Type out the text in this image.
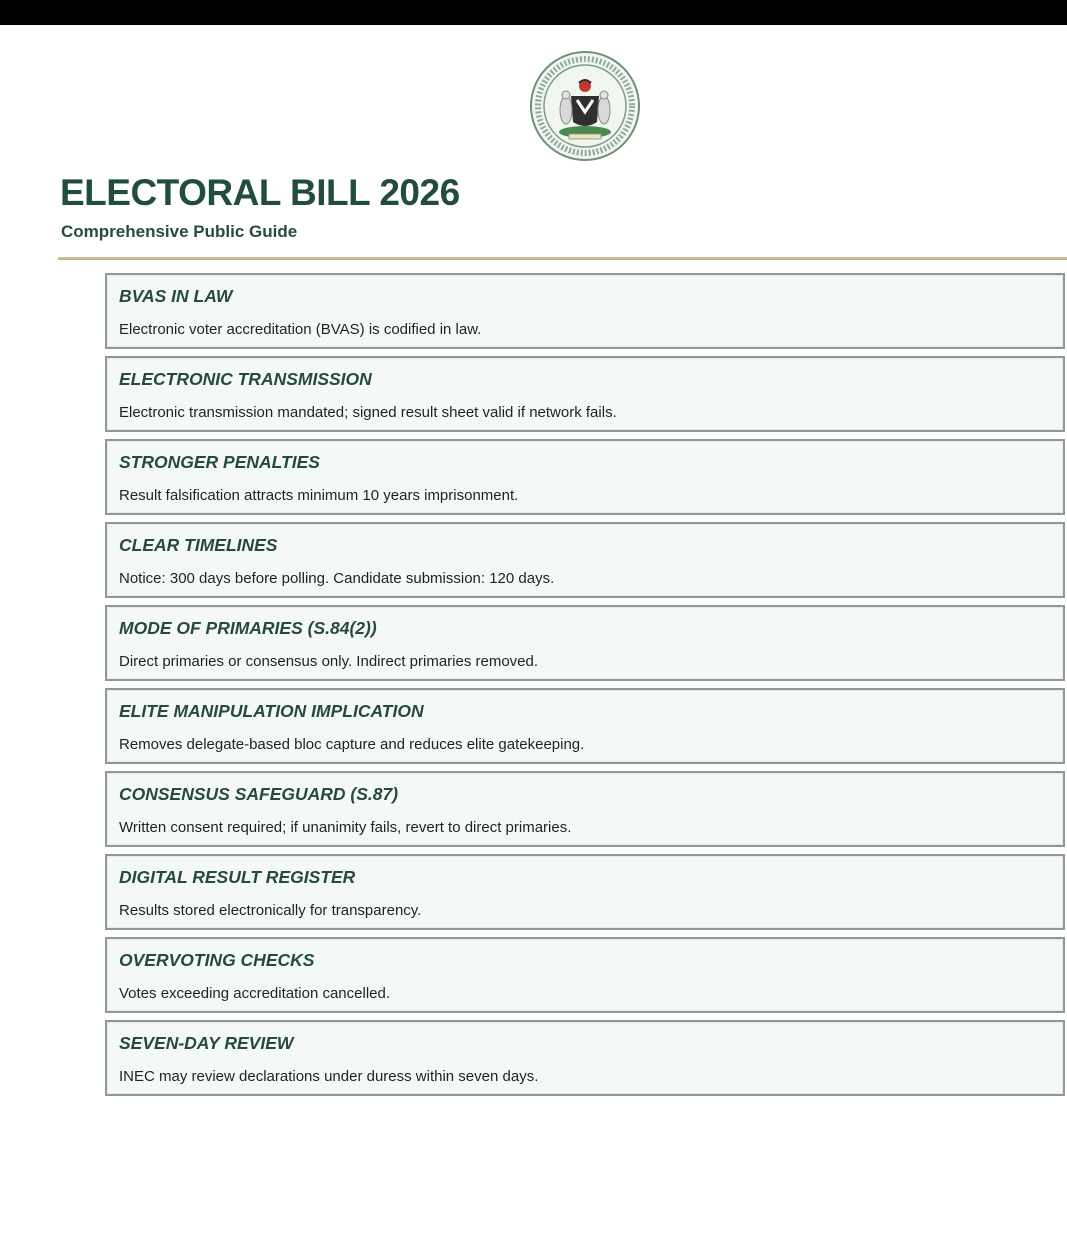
ELECTORAL BILL 2026
Comprehensive Public Guide
BVAS IN LAW
Electronic voter accreditation (BVAS) is codified in law.
ELECTRONIC TRANSMISSION
Electronic transmission mandated; signed result sheet valid if network fails.
STRONGER PENALTIES
Result falsification attracts minimum 10 years imprisonment.
CLEAR TIMELINES
Notice: 300 days before polling. Candidate submission: 120 days.
MODE OF PRIMARIES (S.84(2))
Direct primaries or consensus only. Indirect primaries removed.
ELITE MANIPULATION IMPLICATION
Removes delegate-based bloc capture and reduces elite gatekeeping.
CONSENSUS SAFEGUARD (S.87)
Written consent required; if unanimity fails, revert to direct primaries.
DIGITAL RESULT REGISTER
Results stored electronically for transparency.
OVERVOTING CHECKS
Votes exceeding accreditation cancelled.
SEVEN-DAY REVIEW
INEC may review declarations under duress within seven days.
